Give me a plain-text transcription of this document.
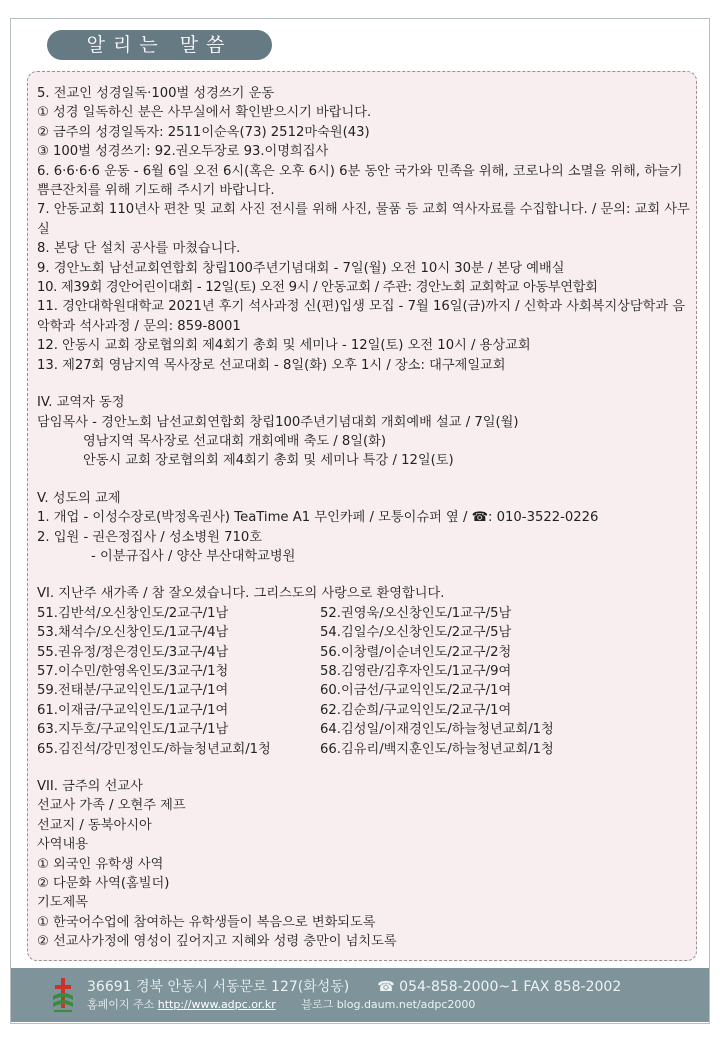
알리는 말씀

5. 전교인 성경일독·100벌 성경쓰기 운동

① 성경 일독하신 분은 사무실에서 확인받으시기 바랍니다.

② 금주의 성경일독자: 2511이순옥(73) 2512마숙원(43)

③ 100벌 성경쓰기: 92.권오두장로 93.이명희집사

6. 6·6·6·6 운동 - 6월 6일 오전 6시(혹은 오후 6시) 6분 동안 국가와 민족을 위해, 코로나의 소멸을 위해, 하늘기쁨큰잔치를 위해 기도해 주시기 바랍니다.

7. 안동교회 110년사 편찬 및 교회 사진 전시를 위해 사진, 물품 등 교회 역사자료를 수집합니다. / 문의: 교회 사무실

8. 본당 단 설치 공사를 마쳤습니다.

9. 경안노회 남선교회연합회 창립100주년기념대회 - 7일(월) 오전 10시 30분 / 본당 예배실

10. 제39회 경안어린이대회 - 12일(토) 오전 9시 / 안동교회 / 주관: 경안노회 교회학교 아동부연합회

11. 경안대학원대학교 2021년 후기 석사과정 신(편)입생 모집 - 7월 16일(금)까지 / 신학과 사회복지상담학과 음악학과 석사과정 / 문의: 859-8001

12. 안동시 교회 장로협의회 제4회기 총회 및 세미나 - 12일(토) 오전 10시 / 용상교회

13. 제27회 영남지역 목사장로 선교대회 - 8일(화) 오후 1시 / 장소: 대구제일교회

IV. 교역자 동정

담임목사 - 경안노회 남선교회연합회 창립100주년기념대회 개회예배 설교 / 7일(월)

영남지역 목사장로 선교대회 개회예배 축도 / 8일(화)

안동시 교회 장로협의회 제4회기 총회 및 세미나 특강 / 12일(토)

V. 성도의 교제

1. 개업 - 이성수장로(박정옥권사) TeaTime A1 무인카페 / 모퉁이슈퍼 옆 / ☎: 010-3522-0226

2. 입원 - 권은정집사 / 성소병원 710호

- 이분규집사 / 양산 부산대학교병원

VI. 지난주 새가족 / 참 잘오셨습니다. 그리스도의 사랑으로 환영합니다.

51.김반석/오신창인도/2교구/1남	52.권영욱/오신창인도/1교구/5남
53.채석수/오신창인도/1교구/4남	54.김일수/오신창인도/2교구/5남
55.권유정/정은경인도/3교구/4남	56.이창렬/이순녀인도/2교구/2청
57.이수민/한영옥인도/3교구/1청	58.김영란/김후자인도/1교구/9여
59.전태분/구교익인도/1교구/1여	60.이금선/구교익인도/2교구/1여
61.이재금/구교익인도/1교구/1여	62.김순희/구교익인도/2교구/1여
63.지두호/구교익인도/1교구/1남	64.김성일/이재경인도/하늘청년교회/1청
65.김진석/강민정인도/하늘청년교회/1청	66.김유리/백지훈인도/하늘청년교회/1청

VII. 금주의 선교사

선교사 가족 / 오현주 제프

선교지 / 동북아시아

사역내용

① 외국인 유학생 사역

② 다문화 사역(홈빌더)

기도제목

① 한국어수업에 참여하는 유학생들이 복음으로 변화되도록

② 선교사가정에 영성이 깊어지고 지혜와 성령 충만이 넘치도록

36691 경북 안동시 서동문로 127(화성동) ☎ 054-858-2000~1 FAX 858-2002
홈페이지 주소 http://www.adpc.or.kr 블로그 blog.daum.net/adpc2000
